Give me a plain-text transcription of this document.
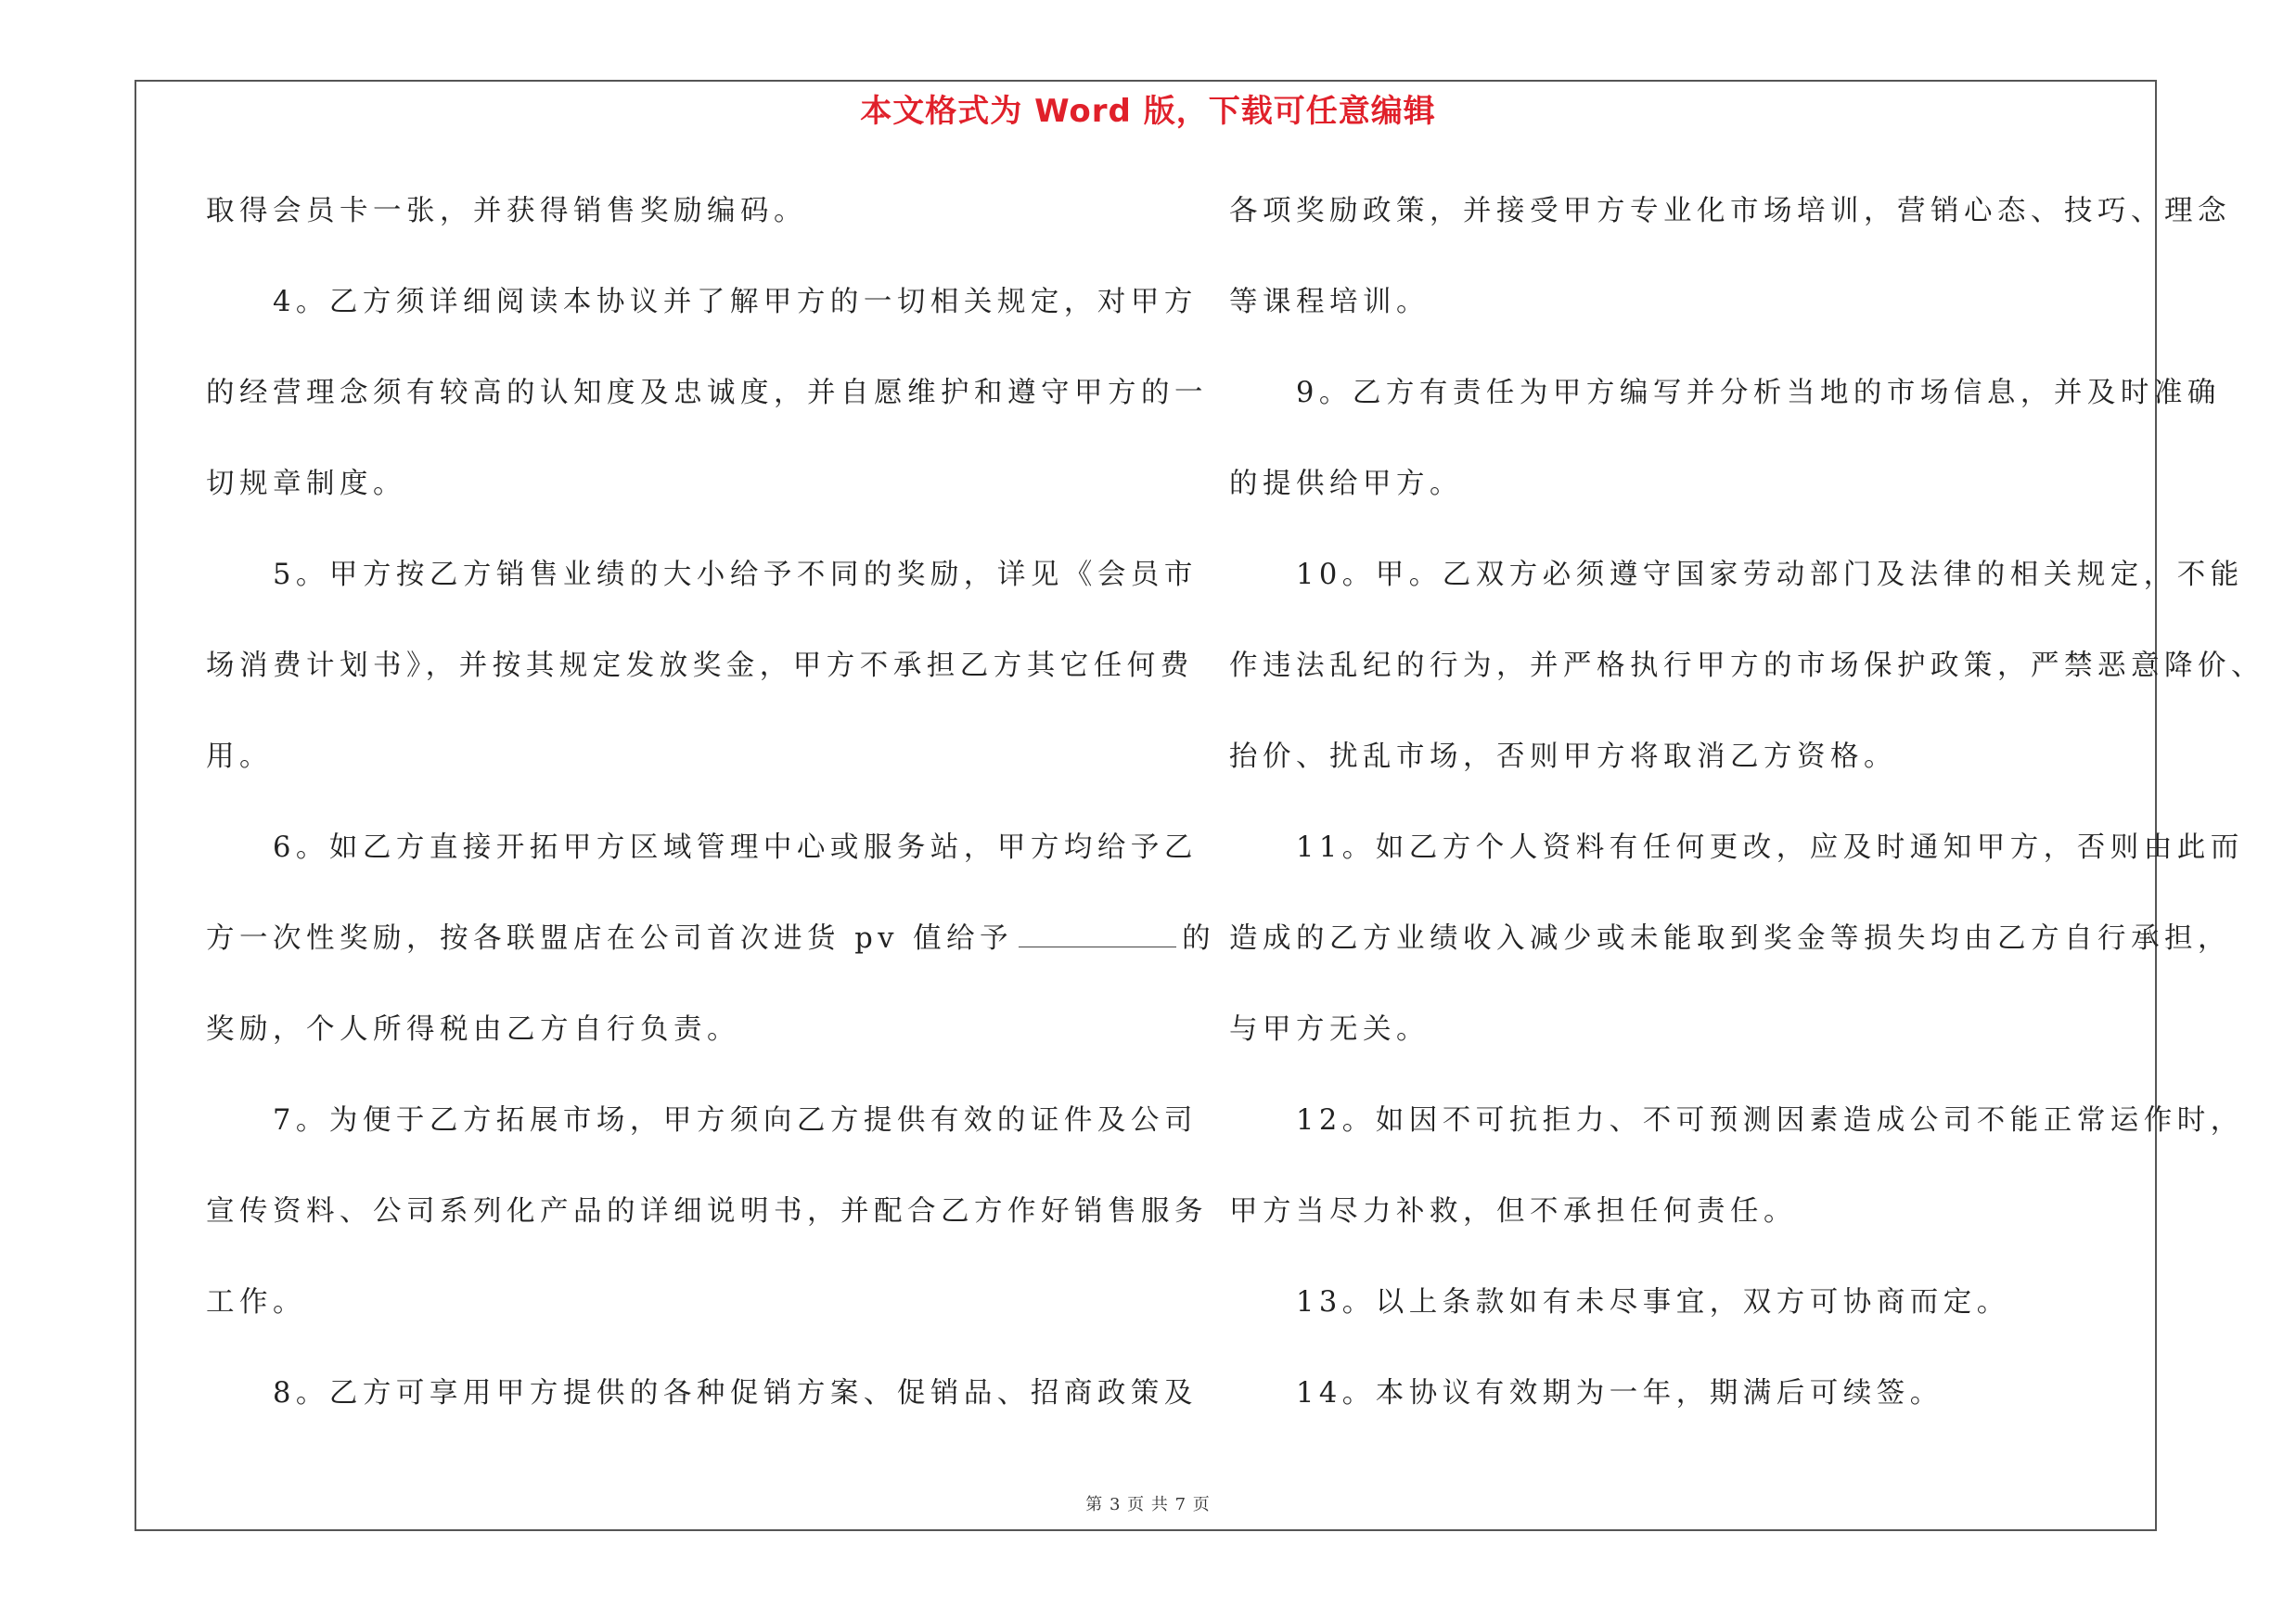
本文格式为 Word 版，下载可任意编辑
取得会员卡一张，并获得销售奖励编码。
4。乙方须详细阅读本协议并了解甲方的一切相关规定，对甲方
的经营理念须有较高的认知度及忠诚度，并自愿维护和遵守甲方的一
切规章制度。
5。甲方按乙方销售业绩的大小给予不同的奖励，详见《会员市
场消费计划书》，并按其规定发放奖金，甲方不承担乙方其它任何费
用。
6。如乙方直接开拓甲方区域管理中心或服务站，甲方均给予乙
方一次性奖励，按各联盟店在公司首次进货 pv 值给予	的
奖励，个人所得税由乙方自行负责。
7。为便于乙方拓展市场，甲方须向乙方提供有效的证件及公司
宣传资料、公司系列化产品的详细说明书，并配合乙方作好销售服务
工作。
8。乙方可享用甲方提供的各种促销方案、促销品、招商政策及
各项奖励政策，并接受甲方专业化市场培训，营销心态、技巧、理念
等课程培训。
9。乙方有责任为甲方编写并分析当地的市场信息，并及时准确
的提供给甲方。
10。甲。乙双方必须遵守国家劳动部门及法律的相关规定，不能
作违法乱纪的行为，并严格执行甲方的市场保护政策，严禁恶意降价、
抬价、扰乱市场，否则甲方将取消乙方资格。
11。如乙方个人资料有任何更改，应及时通知甲方，否则由此而
造成的乙方业绩收入减少或未能取到奖金等损失均由乙方自行承担，
与甲方无关。
12。如因不可抗拒力、不可预测因素造成公司不能正常运作时，
甲方当尽力补救，但不承担任何责任。
13。以上条款如有未尽事宜，双方可协商而定。
14。本协议有效期为一年，期满后可续签。
第 3 页 共 7 页
